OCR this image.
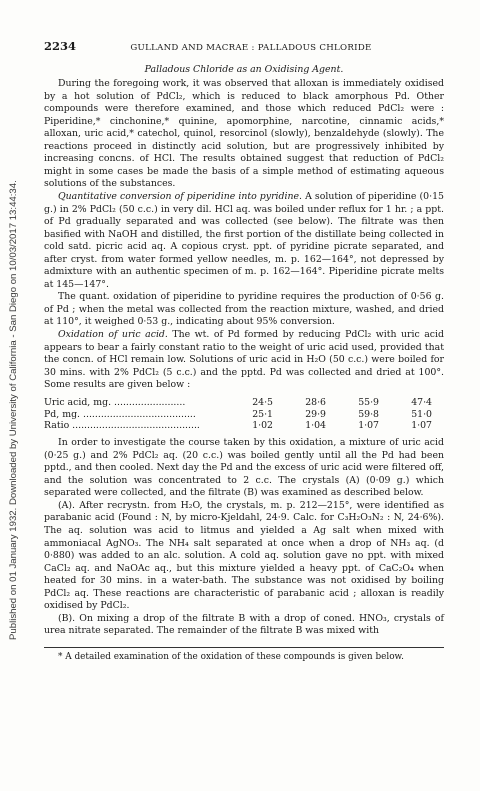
Published on 01 January 1932. Downloaded by University of California - San Diego on 10/03/2017 13:44:34.
2234	GULLAND AND MACRAE : PALLADOUS CHLORIDE
Palladous Chloride as an Oxidising Agent.

During the foregoing work, it was observed that alloxan is immediately oxidised by a hot solution of PdCl₂, which is reduced to black amorphous Pd. Other compounds were therefore examined, and those which reduced PdCl₂ were : Piperidine,* cinchonine,* quinine, apomorphine, narcotine, cinnamic acids,* alloxan, uric acid,* catechol, quinol, resorcinol (slowly), benzaldehyde (slowly). The reactions proceed in distinctly acid solution, but are progressively inhibited by increasing concns. of HCl. The results obtained suggest that reduction of PdCl₂ might in some cases be made the basis of a simple method of estimating aqueous solutions of the substances.

Quantitative conversion of piperidine into pyridine. A solution of piperidine (0·15 g.) in 2% PdCl₂ (50 c.c.) in very dil. HCl aq. was boiled under reflux for 1 hr. ; a ppt. of Pd gradually separated and was collected (see below). The filtrate was then basified with NaOH and distilled, the first portion of the distillate being collected in cold satd. picric acid aq. A copious cryst. ppt. of pyridine picrate separated, and after cryst. from water formed yellow needles, m. p. 162—164°, not depressed by admixture with an authentic specimen of m. p. 162—164°. Piperidine picrate melts at 145—147°.

The quant. oxidation of piperidine to pyridine requires the production of 0·56 g. of Pd ; when the metal was collected from the reaction mixture, washed, and dried at 110°, it weighed 0·53 g., indicating about 95% conversion.

Oxidation of uric acid. The wt. of Pd formed by reducing PdCl₂ with uric acid appears to bear a fairly constant ratio to the weight of uric acid used, provided that the concn. of HCl remain low. Solutions of uric acid in H₂O (50 c.c.) were boiled for 30 mins. with 2% PdCl₂ (5 c.c.) and the pptd. Pd was collected and dried at 100°. Some results are given below :

Uric acid, mg. ........................	24·5	28·6	55·9	47·4
Pd, mg. ......................................	25·1	29·9	59·8	51·0
Ratio ...........................................	1·02	1·04	1·07	1·07

In order to investigate the course taken by this oxidation, a mixture of uric acid (0·25 g.) and 2% PdCl₂ aq. (20 c.c.) was boiled gently until all the Pd had been pptd., and then cooled. Next day the Pd and the excess of uric acid were filtered off, and the solution was concentrated to 2 c.c. The crystals (A) (0·09 g.) which separated were collected, and the filtrate (B) was examined as described below.

(A). After recrystn. from H₂O, the crystals, m. p. 212—215°, were identified as parabanic acid (Found : N, by micro-Kjeldahl, 24·9. Calc. for C₃H₂O₃N₂ : N, 24·6%). The aq. solution was acid to litmus and yielded a Ag salt when mixed with ammoniacal AgNO₃. The NH₄ salt separated at once when a drop of NH₃ aq. (d 0·880) was added to an alc. solution. A cold aq. solution gave no ppt. with mixed CaCl₂ aq. and NaOAc aq., but this mixture yielded a heavy ppt. of CaC₂O₄ when heated for 30 mins. in a water-bath. The substance was not oxidised by boiling PdCl₂ aq. These reactions are characteristic of parabanic acid ; alloxan is readily oxidised by PdCl₂.

(B). On mixing a drop of the filtrate B with a drop of coned. HNO₃, crystals of urea nitrate separated. The remainder of the filtrate B was mixed with

* A detailed examination of the oxidation of these compounds is given below.
